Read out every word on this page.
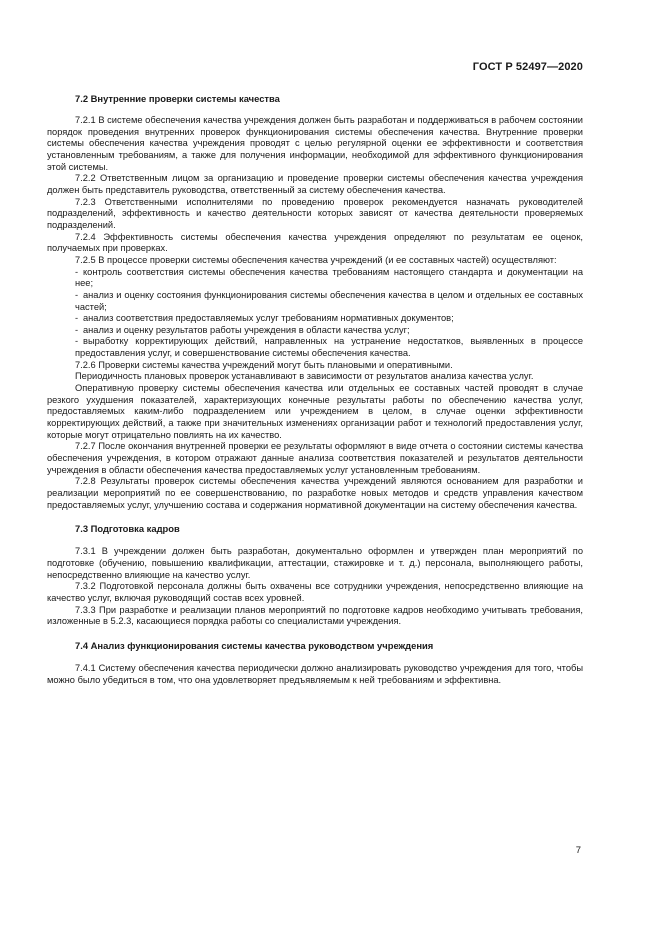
ГОСТ Р 52497—2020
7.2 Внутренние проверки системы качества
7.2.1 В системе обеспечения качества учреждения должен быть разработан и поддерживаться в рабочем состоянии порядок проведения внутренних проверок функционирования системы обеспечения качества. Внутренние проверки системы обеспечения качества учреждения проводят с целью регулярной оценки ее эффективности и соответствия установленным требованиям, а также для получения информации, необходимой для эффективного функционирования этой системы.
7.2.2 Ответственным лицом за организацию и проведение проверки системы обеспечения качества учреждения должен быть представитель руководства, ответственный за систему обеспечения качества.
7.2.3 Ответственными исполнителями по проведению проверок рекомендуется назначать руководителей подразделений, эффективность и качество деятельности которых зависят от качества деятельности проверяемых подразделений.
7.2.4 Эффективность системы обеспечения качества учреждения определяют по результатам ее оценок, получаемых при проверках.
7.2.5 В процессе проверки системы обеспечения качества учреждений (и ее составных частей) осуществляют:
- контроль соответствия системы обеспечения качества требованиям настоящего стандарта и документации на нее;
- анализ и оценку состояния функционирования системы обеспечения качества в целом и отдельных ее составных частей;
- анализ соответствия предоставляемых услуг требованиям нормативных документов;
- анализ и оценку результатов работы учреждения в области качества услуг;
- выработку корректирующих действий, направленных на устранение недостатков, выявленных в процессе предоставления услуг, и совершенствование системы обеспечения качества.
7.2.6 Проверки системы качества учреждений могут быть плановыми и оперативными.
Периодичность плановых проверок устанавливают в зависимости от результатов анализа качества услуг.
Оперативную проверку системы обеспечения качества или отдельных ее составных частей проводят в случае резкого ухудшения показателей, характеризующих конечные результаты работы по обеспечению качества услуг, предоставляемых каким-либо подразделением или учреждением в целом, в случае оценки эффективности корректирующих действий, а также при значительных изменениях организации работ и технологий предоставления услуг, которые могут отрицательно повлиять на их качество.
7.2.7 После окончания внутренней проверки ее результаты оформляют в виде отчета о состоянии системы качества обеспечения учреждения, в котором отражают данные анализа соответствия показателей и результатов деятельности учреждения в области обеспечения качества предоставляемых услуг установленным требованиям.
7.2.8 Результаты проверок системы обеспечения качества учреждений являются основанием для разработки и реализации мероприятий по ее совершенствованию, по разработке новых методов и средств управления качеством предоставляемых услуг, улучшению состава и содержания нормативной документации на систему обеспечения качества.
7.3 Подготовка кадров
7.3.1 В учреждении должен быть разработан, документально оформлен и утвержден план мероприятий по подготовке (обучению, повышению квалификации, аттестации, стажировке и т. д.) персонала, выполняющего работы, непосредственно влияющие на качество услуг.
7.3.2 Подготовкой персонала должны быть охвачены все сотрудники учреждения, непосредственно влияющие на качество услуг, включая руководящий состав всех уровней.
7.3.3 При разработке и реализации планов мероприятий по подготовке кадров необходимо учитывать требования, изложенные в 5.2.3, касающиеся порядка работы со специалистами учреждения.
7.4 Анализ функционирования системы качества руководством учреждения
7.4.1 Систему обеспечения качества периодически должно анализировать руководство учреждения для того, чтобы можно было убедиться в том, что она удовлетворяет предъявляемым к ней требованиям и эффективна.
7
